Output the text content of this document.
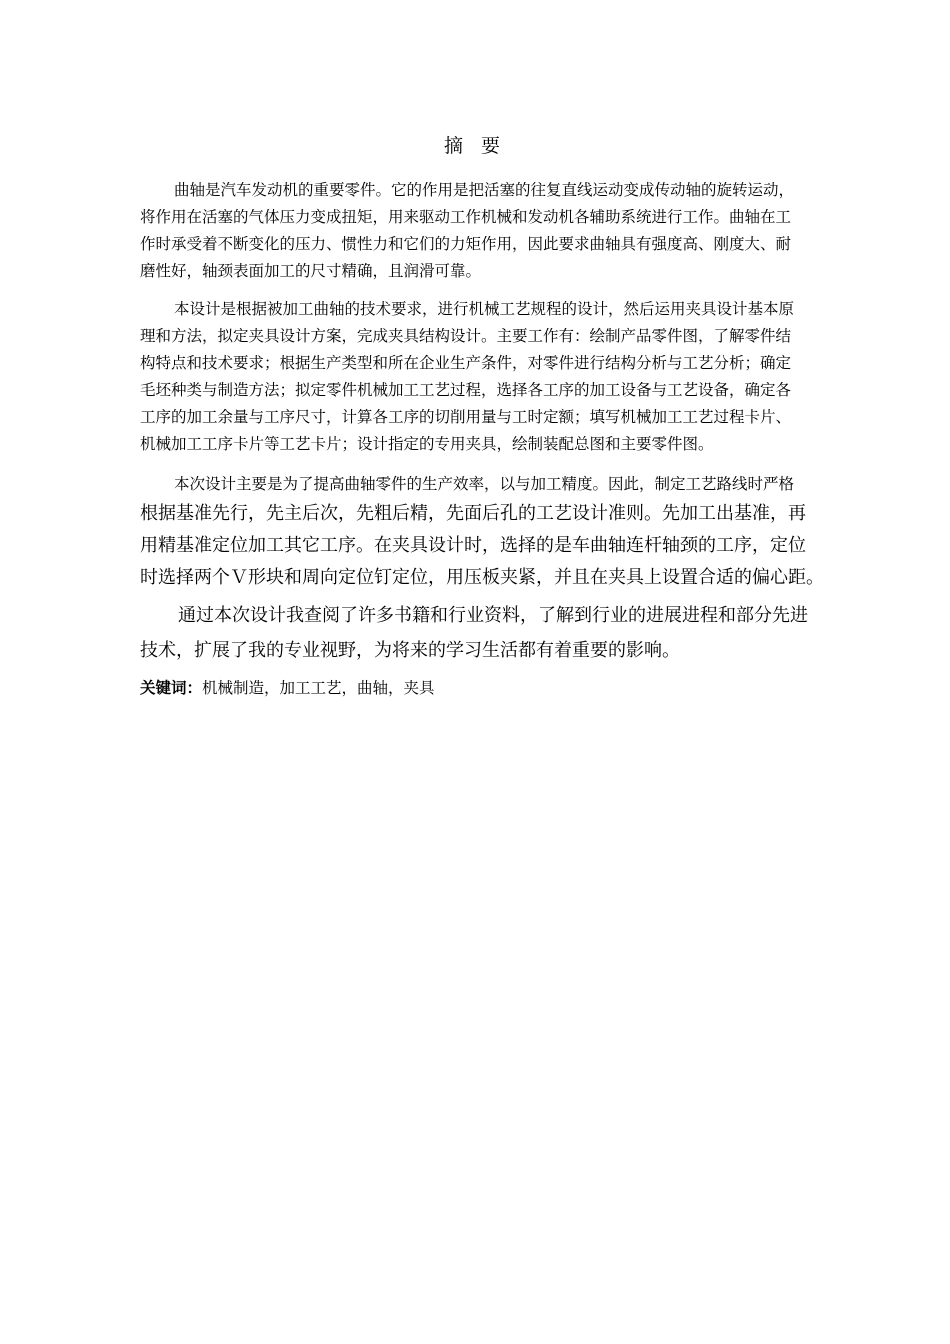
摘 要
曲轴是汽车发动机的重要零件。它的作用是把活塞的往复直线运动变成传动轴的旋转运动，
将作用在活塞的气体压力变成扭矩，用来驱动工作机械和发动机各辅助系统进行工作。曲轴在工
作时承受着不断变化的压力、惯性力和它们的力矩作用，因此要求曲轴具有强度高、刚度大、耐
磨性好，轴颈表面加工的尺寸精确，且润滑可靠。
本设计是根据被加工曲轴的技术要求，进行机械工艺规程的设计，然后运用夹具设计基本原
理和方法，拟定夹具设计方案，完成夹具结构设计。主要工作有：绘制产品零件图，了解零件结
构特点和技术要求；根据生产类型和所在企业生产条件，对零件进行结构分析与工艺分析；确定
毛坯种类与制造方法；拟定零件机械加工工艺过程，选择各工序的加工设备与工艺设备，确定各
工序的加工余量与工序尺寸，计算各工序的切削用量与工时定额；填写机械加工工艺过程卡片、
机械加工工序卡片等工艺卡片；设计指定的专用夹具，绘制装配总图和主要零件图。
本次设计主要是为了提高曲轴零件的生产效率，以与加工精度。因此，制定工艺路线时严格
根据基准先行，先主后次，先粗后精，先面后孔的工艺设计准则。先加工出基准，再
用精基准定位加工其它工序。在夹具设计时，选择的是车曲轴连杆轴颈的工序，定位
时选择两个Ｖ形块和周向定位钉定位，用压板夹紧，并且在夹具上设置合适的偏心距。
通过本次设计我查阅了许多书籍和行业资料，了解到行业的进展进程和部分先进
技术，扩展了我的专业视野，为将来的学习生活都有着重要的影响。
关键词：机械制造，加工工艺，曲轴，夹具
